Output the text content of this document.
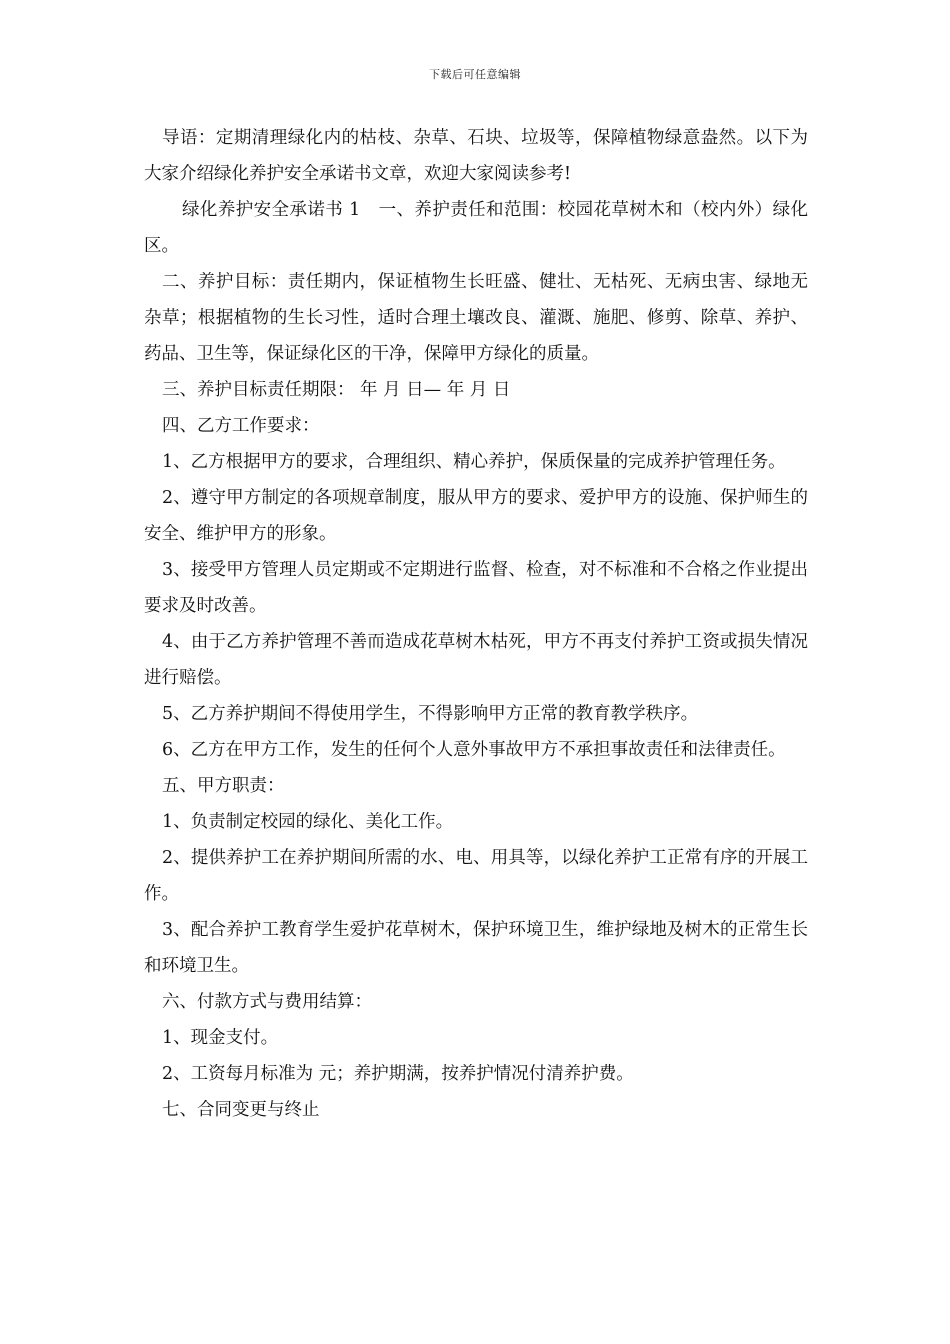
下载后可任意编辑

导语：定期清理绿化内的枯枝、杂草、石块、垃圾等，保障植物绿意盎然。以下为大家介绍绿化养护安全承诺书文章，欢迎大家阅读参考!

绿化养护安全承诺书 1　一、养护责任和范围：校园花草树木和（校内外）绿化区。

二、养护目标：责任期内，保证植物生长旺盛、健壮、无枯死、无病虫害、绿地无杂草；根据植物的生长习性，适时合理土壤改良、灌溉、施肥、修剪、除草、养护、药品、卫生等，保证绿化区的干净，保障甲方绿化的质量。

三、养护目标责任期限： 年 月 日— 年 月 日

四、乙方工作要求：

1、乙方根据甲方的要求，合理组织、精心养护，保质保量的完成养护管理任务。

2、遵守甲方制定的各项规章制度，服从甲方的要求、爱护甲方的设施、保护师生的安全、维护甲方的形象。

3、接受甲方管理人员定期或不定期进行监督、检查，对不标准和不合格之作业提出要求及时改善。

4、由于乙方养护管理不善而造成花草树木枯死，甲方不再支付养护工资或损失情况进行赔偿。

5、乙方养护期间不得使用学生，不得影响甲方正常的教育教学秩序。

6、乙方在甲方工作，发生的任何个人意外事故甲方不承担事故责任和法律责任。

五、甲方职责：

1、负责制定校园的绿化、美化工作。

2、提供养护工在养护期间所需的水、电、用具等，以绿化养护工正常有序的开展工作。

3、配合养护工教育学生爱护花草树木，保护环境卫生，维护绿地及树木的正常生长和环境卫生。

六、付款方式与费用结算：

1、现金支付。

2、工资每月标准为 元；养护期满，按养护情况付清养护费。

七、合同变更与终止
